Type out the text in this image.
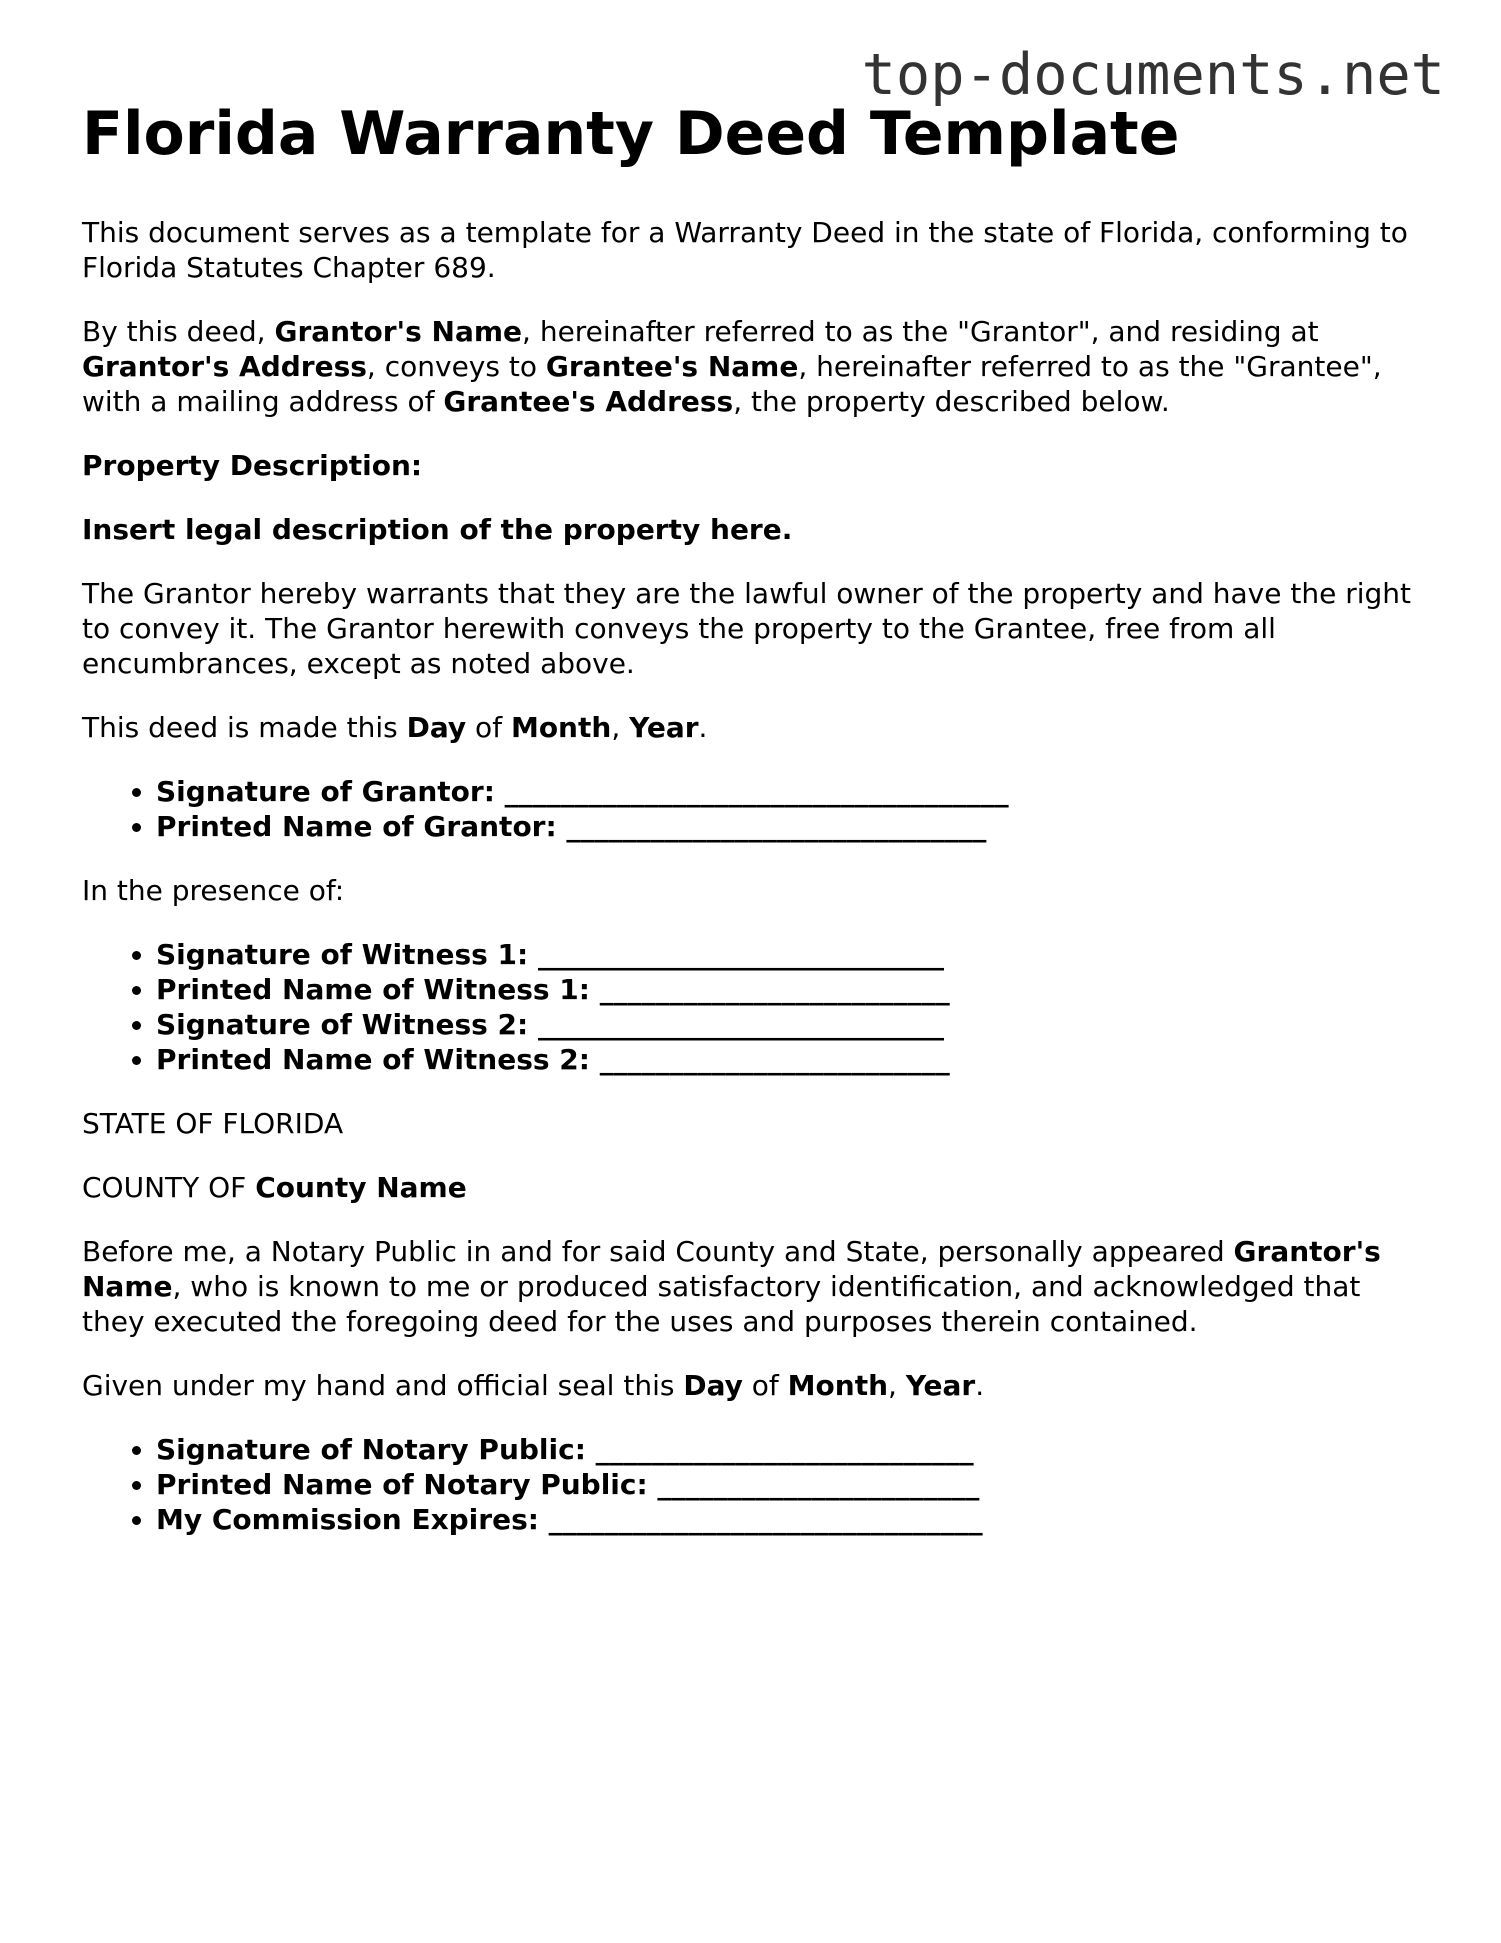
top-documents.net
Florida Warranty Deed Template

This document serves as a template for a Warranty Deed in the state of Florida, conforming to Florida Statutes Chapter 689.

By this deed, Grantor's Name, hereinafter referred to as the "Grantor", and residing at Grantor's Address, conveys to Grantee's Name, hereinafter referred to as the "Grantee", with a mailing address of Grantee's Address, the property described below.

Property Description:

Insert legal description of the property here.

The Grantor hereby warrants that they are the lawful owner of the property and have the right to convey it. The Grantor herewith conveys the property to the Grantee, free from all encumbrances, except as noted above.

This deed is made this Day of Month, Year.

• Signature of Grantor: ____________________________________
• Printed Name of Grantor: ______________________________

In the presence of:

• Signature of Witness 1: _____________________________
• Printed Name of Witness 1: _________________________
• Signature of Witness 2: _____________________________
• Printed Name of Witness 2: _________________________

STATE OF FLORIDA

COUNTY OF County Name

Before me, a Notary Public in and for said County and State, personally appeared Grantor's Name, who is known to me or produced satisfactory identification, and acknowledged that they executed the foregoing deed for the uses and purposes therein contained.

Given under my hand and official seal this Day of Month, Year.

• Signature of Notary Public: ___________________________
• Printed Name of Notary Public: _______________________
• My Commission Expires: _______________________________
